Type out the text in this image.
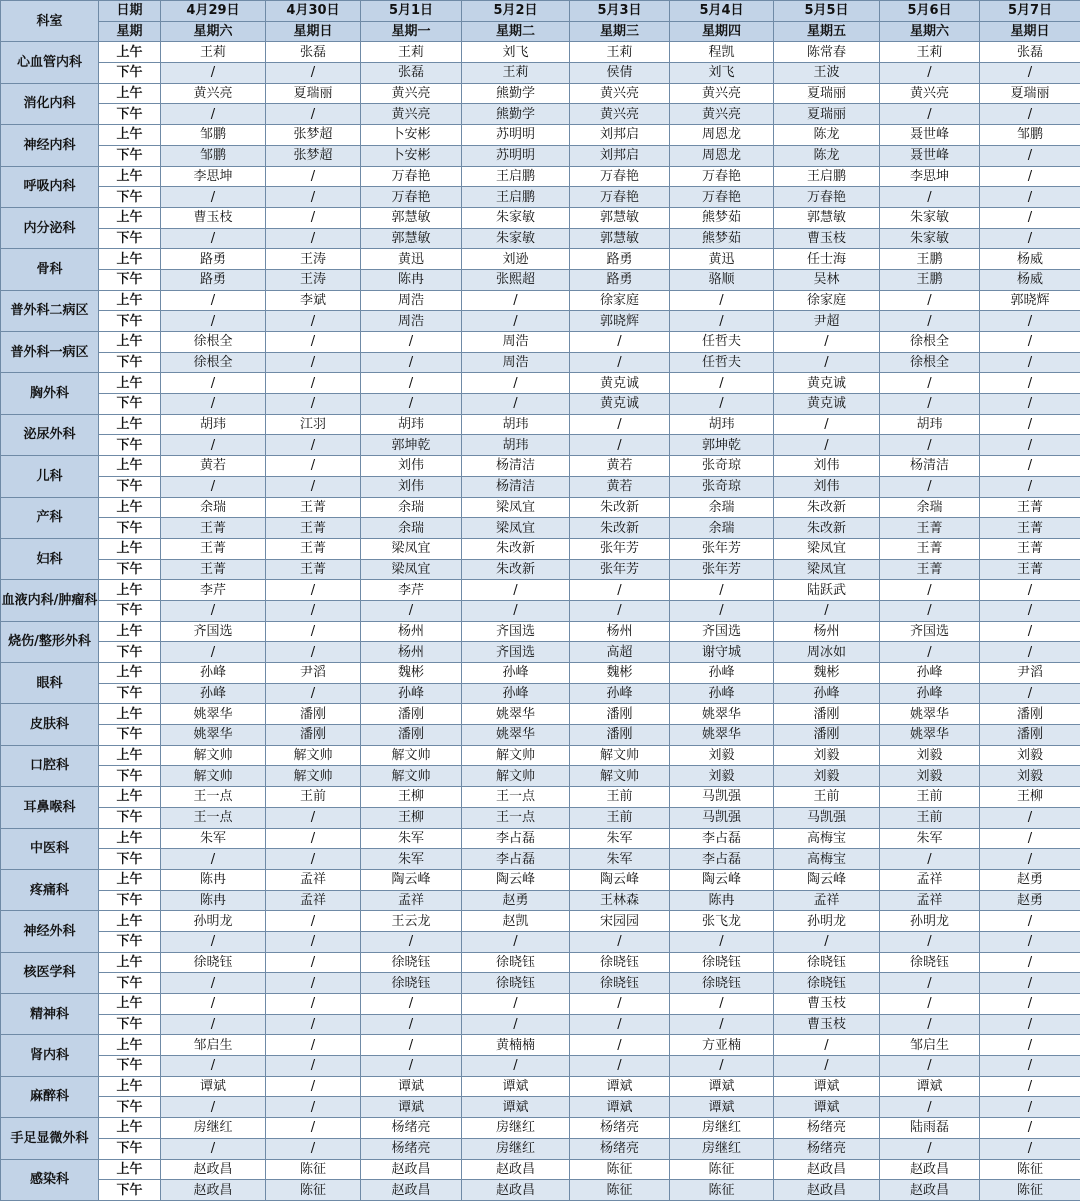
科室	日期	4月29日	4月30日	5月1日	5月2日	5月3日	5月4日	5月5日	5月6日	5月7日
	星期	星期六	星期日	星期一	星期二	星期三	星期四	星期五	星期六	星期日
心血管内科	上午	王莉	张磊	王莉	刘飞	王莉	程凯	陈常春	王莉	张磊
	下午	/	/	张磊	王莉	侯倩	刘飞	王波	/	/
消化内科	上午	黄兴亮	夏瑞丽	黄兴亮	熊勤学	黄兴亮	黄兴亮	夏瑞丽	黄兴亮	夏瑞丽
	下午	/	/	黄兴亮	熊勤学	黄兴亮	黄兴亮	夏瑞丽	/	/
神经内科	上午	邹鹏	张梦超	卜安彬	苏明明	刘邦启	周恩龙	陈龙	聂世峰	邹鹏
	下午	邹鹏	张梦超	卜安彬	苏明明	刘邦启	周恩龙	陈龙	聂世峰	/
呼吸内科	上午	李思坤	/	万春艳	王启鹏	万春艳	万春艳	王启鹏	李思坤	/
	下午	/	/	万春艳	王启鹏	万春艳	万春艳	万春艳	/	/
内分泌科	上午	曹玉枝	/	郭慧敏	朱家敏	郭慧敏	熊梦茹	郭慧敏	朱家敏	/
	下午	/	/	郭慧敏	朱家敏	郭慧敏	熊梦茹	曹玉枝	朱家敏	/
骨科	上午	路勇	王涛	黄迅	刘逊	路勇	黄迅	任士海	王鹏	杨威
	下午	路勇	王涛	陈冉	张熙超	路勇	骆顺	吴林	王鹏	杨威
普外科二病区	上午	/	李斌	周浩	/	徐家庭	/	徐家庭	/	郭晓辉
	下午	/	/	周浩	/	郭晓辉	/	尹超	/	/
普外科一病区	上午	徐根全	/	/	周浩	/	任哲夫	/	徐根全	/
	下午	徐根全	/	/	周浩	/	任哲夫	/	徐根全	/
胸外科	上午	/	/	/	/	黄克诚	/	黄克诚	/	/
	下午	/	/	/	/	黄克诚	/	黄克诚	/	/
泌尿外科	上午	胡玮	江羽	胡玮	胡玮	/	胡玮	/	胡玮	/
	下午	/	/	郭坤乾	胡玮	/	郭坤乾	/	/	/
儿科	上午	黄若	/	刘伟	杨清洁	黄若	张奇琼	刘伟	杨清洁	/
	下午	/	/	刘伟	杨清洁	黄若	张奇琼	刘伟	/	/
产科	上午	余瑞	王菁	余瑞	梁凤宜	朱改新	余瑞	朱改新	余瑞	王菁
	下午	王菁	王菁	余瑞	梁凤宜	朱改新	余瑞	朱改新	王菁	王菁
妇科	上午	王菁	王菁	梁凤宜	朱改新	张年芳	张年芳	梁凤宜	王菁	王菁
	下午	王菁	王菁	梁凤宜	朱改新	张年芳	张年芳	梁凤宜	王菁	王菁
血液内科/肿瘤科	上午	李芹	/	李芹	/	/	/	陆跃武	/	/
	下午	/	/	/	/	/	/	/	/	/
烧伤/整形外科	上午	齐国选	/	杨州	齐国选	杨州	齐国选	杨州	齐国选	/
	下午	/	/	杨州	齐国选	高超	谢守城	周冰如	/	/
眼科	上午	孙峰	尹滔	魏彬	孙峰	魏彬	孙峰	魏彬	孙峰	尹滔
	下午	孙峰	/	孙峰	孙峰	孙峰	孙峰	孙峰	孙峰	/
皮肤科	上午	姚翠华	潘刚	潘刚	姚翠华	潘刚	姚翠华	潘刚	姚翠华	潘刚
	下午	姚翠华	潘刚	潘刚	姚翠华	潘刚	姚翠华	潘刚	姚翠华	潘刚
口腔科	上午	解文帅	解文帅	解文帅	解文帅	解文帅	刘毅	刘毅	刘毅	刘毅
	下午	解文帅	解文帅	解文帅	解文帅	解文帅	刘毅	刘毅	刘毅	刘毅
耳鼻喉科	上午	王一点	王前	王柳	王一点	王前	马凯强	王前	王前	王柳
	下午	王一点	/	王柳	王一点	王前	马凯强	马凯强	王前	/
中医科	上午	朱军	/	朱军	李占磊	朱军	李占磊	高梅宝	朱军	/
	下午	/	/	朱军	李占磊	朱军	李占磊	高梅宝	/	/
疼痛科	上午	陈冉	孟祥	陶云峰	陶云峰	陶云峰	陶云峰	陶云峰	孟祥	赵勇
	下午	陈冉	孟祥	孟祥	赵勇	王林森	陈冉	孟祥	孟祥	赵勇
神经外科	上午	孙明龙	/	王云龙	赵凯	宋园园	张飞龙	孙明龙	孙明龙	/
	下午	/	/	/	/	/	/	/	/	/
核医学科	上午	徐晓钰	/	徐晓钰	徐晓钰	徐晓钰	徐晓钰	徐晓钰	徐晓钰	/
	下午	/	/	徐晓钰	徐晓钰	徐晓钰	徐晓钰	徐晓钰	/	/
精神科	上午	/	/	/	/	/	/	曹玉枝	/	/
	下午	/	/	/	/	/	/	曹玉枝	/	/
肾内科	上午	邹启生	/	/	黄楠楠	/	方亚楠	/	邹启生	/
	下午	/	/	/	/	/	/	/	/	/
麻醉科	上午	谭斌	/	谭斌	谭斌	谭斌	谭斌	谭斌	谭斌	/
	下午	/	/	谭斌	谭斌	谭斌	谭斌	谭斌	/	/
手足显微外科	上午	房继红	/	杨绪亮	房继红	杨绪亮	房继红	杨绪亮	陆雨磊	/
	下午	/	/	杨绪亮	房继红	杨绪亮	房继红	杨绪亮	/	/
感染科	上午	赵政昌	陈征	赵政昌	赵政昌	陈征	陈征	赵政昌	赵政昌	陈征
	下午	赵政昌	陈征	赵政昌	赵政昌	陈征	陈征	赵政昌	赵政昌	陈征
